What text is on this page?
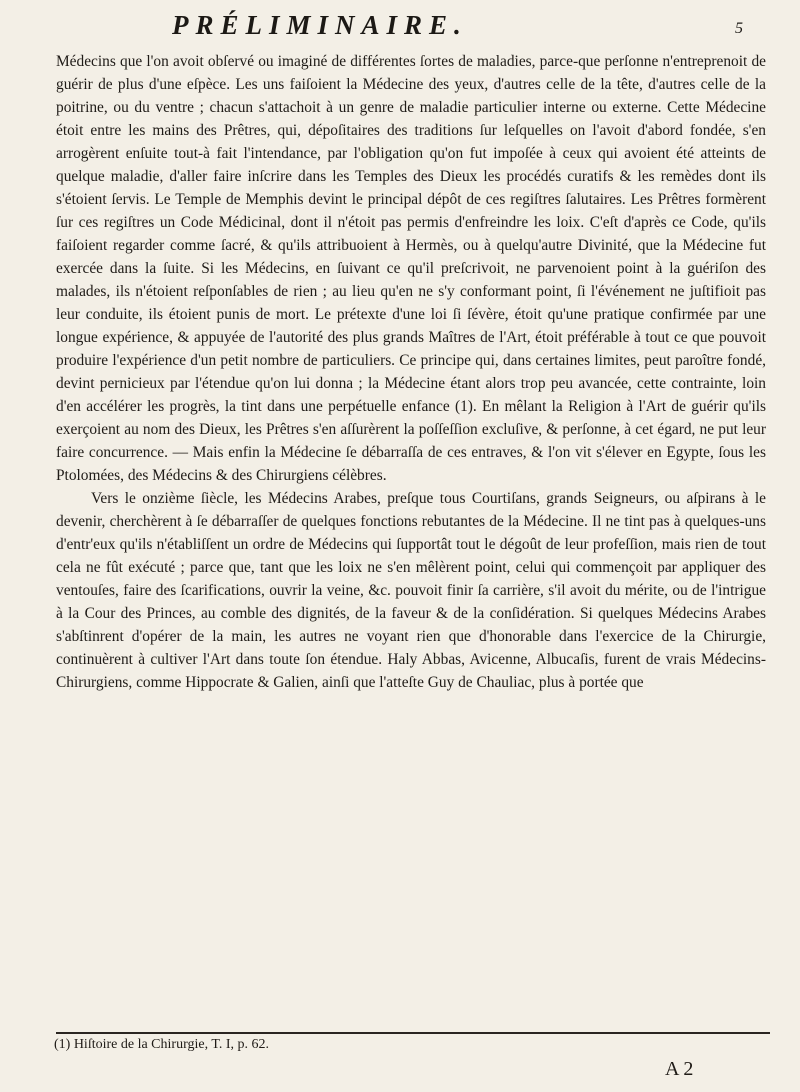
PRÉLIMINAIRE.	5

Médecins que l'on avoit obſervé ou imaginé de différentes ſortes de maladies, parce-que perſonne n'entreprenoit de guérir de plus d'une eſpèce. Les uns faiſoient la Médecine des yeux, d'autres celle de la tête, d'autres celle de la poitrine, ou du ventre ; chacun s'attachoit à un genre de maladie particulier interne ou externe. Cette Médecine étoit entre les mains des Prêtres, qui, dépoſitaires des traditions ſur leſquelles on l'avoit d'abord fondée, s'en arrogèrent enſuite tout-à fait l'intendance, par l'obligation qu'on fut impoſée à ceux qui avoient été atteints de quelque maladie, d'aller faire inſcrire dans les Temples des Dieux les procédés curatifs & les remèdes dont ils s'étoient ſervis. Le Temple de Memphis devint le principal dépôt de ces regiſtres ſalutaires. Les Prêtres formèrent ſur ces regiſtres un Code Médicinal, dont il n'étoit pas permis d'enfreindre les loix. C'eſt d'après ce Code, qu'ils faiſoient regarder comme ſacré, & qu'ils attribuoient à Hermès, ou à quelqu'autre Divinité, que la Médecine fut exercée dans la ſuite. Si les Médecins, en ſuivant ce qu'il preſcrivoit, ne parvenoient point à la guériſon des malades, ils n'étoient reſponſables de rien ; au lieu qu'en ne s'y conformant point, ſi l'événement ne juſtifioit pas leur conduite, ils étoient punis de mort. Le prétexte d'une loi ſi ſévère, étoit qu'une pratique confirmée par une longue expérience, & appuyée de l'autorité des plus grands Maîtres de l'Art, étoit préférable à tout ce que pouvoit produire l'expérience d'un petit nombre de particuliers. Ce principe qui, dans certaines limites, peut paroître fondé, devint pernicieux par l'étendue qu'on lui donna ; la Médecine étant alors trop peu avancée, cette contrainte, loin d'en accélérer les progrès, la tint dans une perpétuelle enfance (1). En mêlant la Religion à l'Art de guérir qu'ils exerçoient au nom des Dieux, les Prêtres s'en aſſurèrent la poſſeſſion excluſive, & perſonne, à cet égard, ne put leur faire concurrence. — Mais enfin la Médecine ſe débarraſſa de ces entraves, & l'on vit s'élever en Egypte, ſous les Ptolomées, des Médecins & des Chirurgiens célèbres.

Vers le onzième ſiècle, les Médecins Arabes, preſque tous Courtiſans, grands Seigneurs, ou aſpirans à le devenir, cherchèrent à ſe débarraſſer de quelques fonctions rebutantes de la Médecine. Il ne tint pas à quelques-uns d'entr'eux qu'ils n'établiſſent un ordre de Médecins qui ſupportât tout le dégoût de leur profeſſion, mais rien de tout cela ne fût exécuté ; parce que, tant que les loix ne s'en mêlèrent point, celui qui commençoit par appliquer des ventouſes, faire des ſcarifications, ouvrir la veine, &c. pouvoit finir ſa carrière, s'il avoit du mérite, ou de l'intrigue à la Cour des Princes, au comble des dignités, de la faveur & de la conſidération. Si quelques Médecins Arabes s'abſtinrent d'opérer de la main, les autres ne voyant rien que d'honorable dans l'exercice de la Chirurgie, continuèrent à cultiver l'Art dans toute ſon étendue. Haly Abbas, Avicenne, Albucaſis, furent de vrais Médecins-Chirurgiens, comme Hippocrate & Galien, ainſi que l'atteſte Guy de Chauliac, plus à portée que

(1) Hiſtoire de la Chirurgie, T. I, p. 62.
A 2
